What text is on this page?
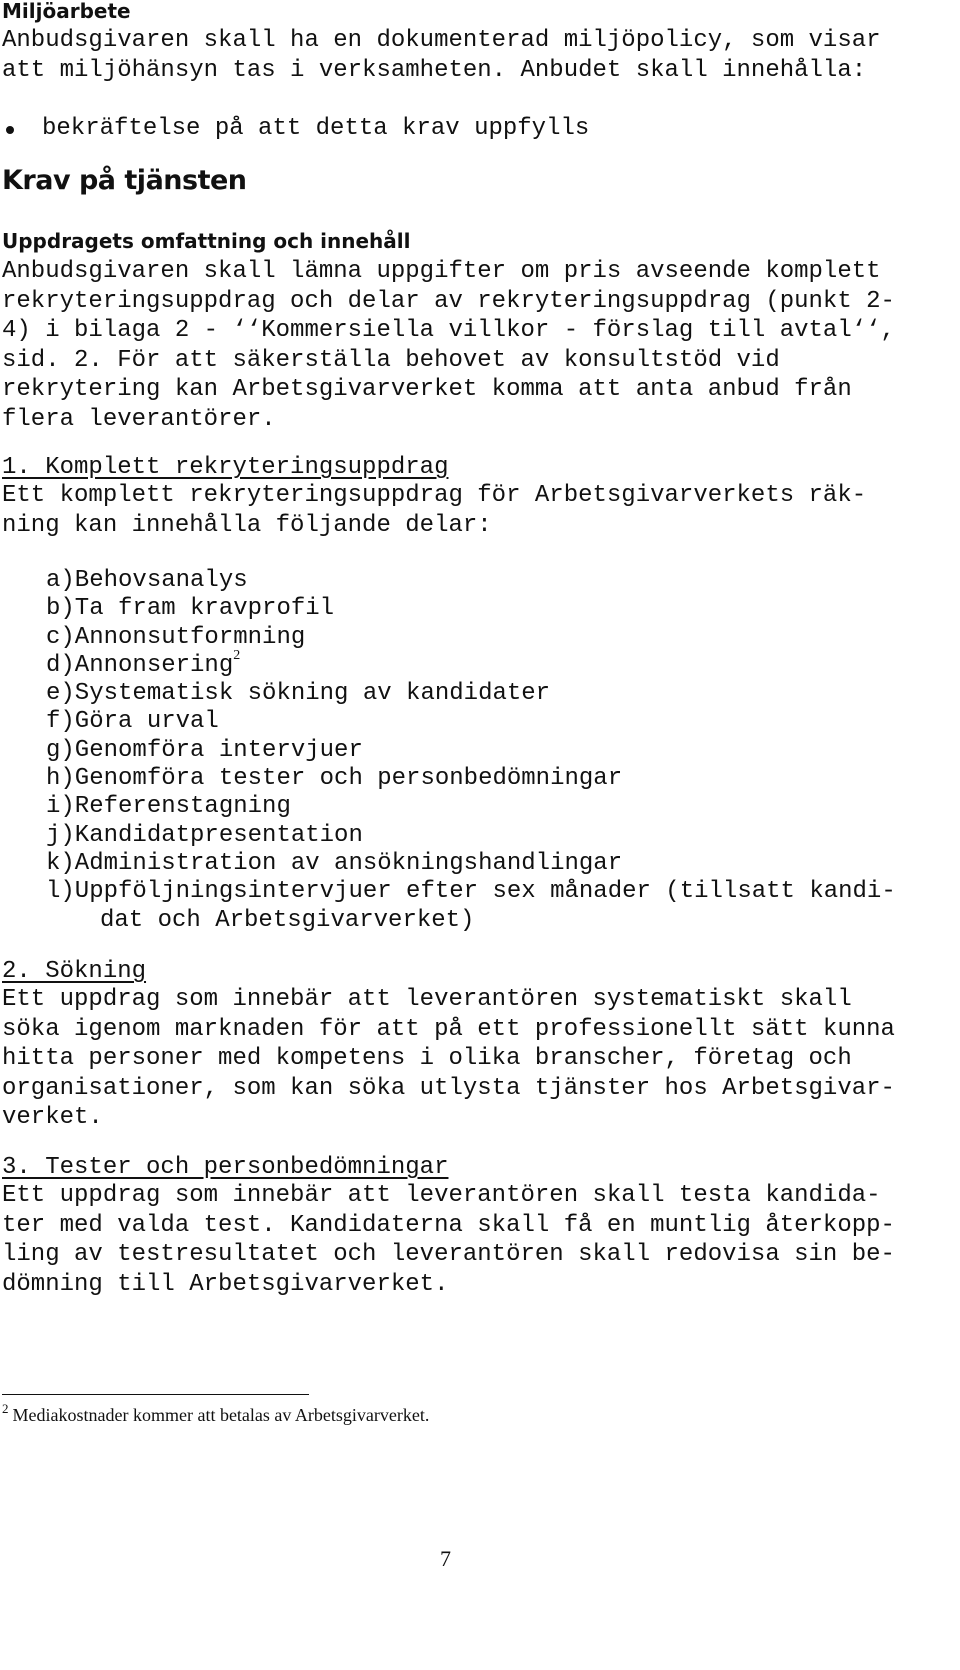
Miljöarbete

Anbudsgivaren skall ha en dokumenterad miljöpolicy, som visar
att miljöhänsyn tas i verksamheten. Anbudet skall innehålla:

bekräftelse på att detta krav uppfylls
Krav på tjänsten
Uppdragets omfattning och innehåll

Anbudsgivaren skall lämna uppgifter om pris avseende komplett
rekryteringsuppdrag och delar av rekryteringsuppdrag (punkt 2-
4) i bilaga 2 - ‘‘Kommersiella villkor - förslag till avtal‘‘,
sid. 2. För att säkerställa behovet av konsultstöd vid
rekrytering kan Arbetsgivarverket komma att anta anbud från
flera leverantörer.

1. Komplett rekryteringsuppdrag

Ett komplett rekryteringsuppdrag för Arbetsgivarverkets räk-
ning kan innehålla följande delar:

a)Behovsanalys
b)Ta fram kravprofil
c)Annonsutformning
d)Annonsering$^2$
e)Systematisk sökning av kandidater
f)Göra urval
g)Genomföra intervjuer
h)Genomföra tester och personbedömningar
i)Referenstagning
j)Kandidatpresentation
k)Administration av ansökningshandlingar
l)Uppföljningsintervjuer efter sex månader (tillsatt kandi-
dat och Arbetsgivarverket)
2. Sökning

Ett uppdrag som innebär att leverantören systematiskt skall
söka igenom marknaden för att på ett professionellt sätt kunna
hitta personer med kompetens i olika branscher, företag och
organisationer, som kan söka utlysta tjänster hos Arbetsgivar-
verket.

3. Tester och personbedömningar

Ett uppdrag som innebär att leverantören skall testa kandida-
ter med valda test. Kandidaterna skall få en muntlig återkopp-
ling av testresultatet och leverantören skall redovisa sin be-
dömning till Arbetsgivarverket.

$^2$ Mediakostnader kommer att betalas av Arbetsgivarverket.
7
